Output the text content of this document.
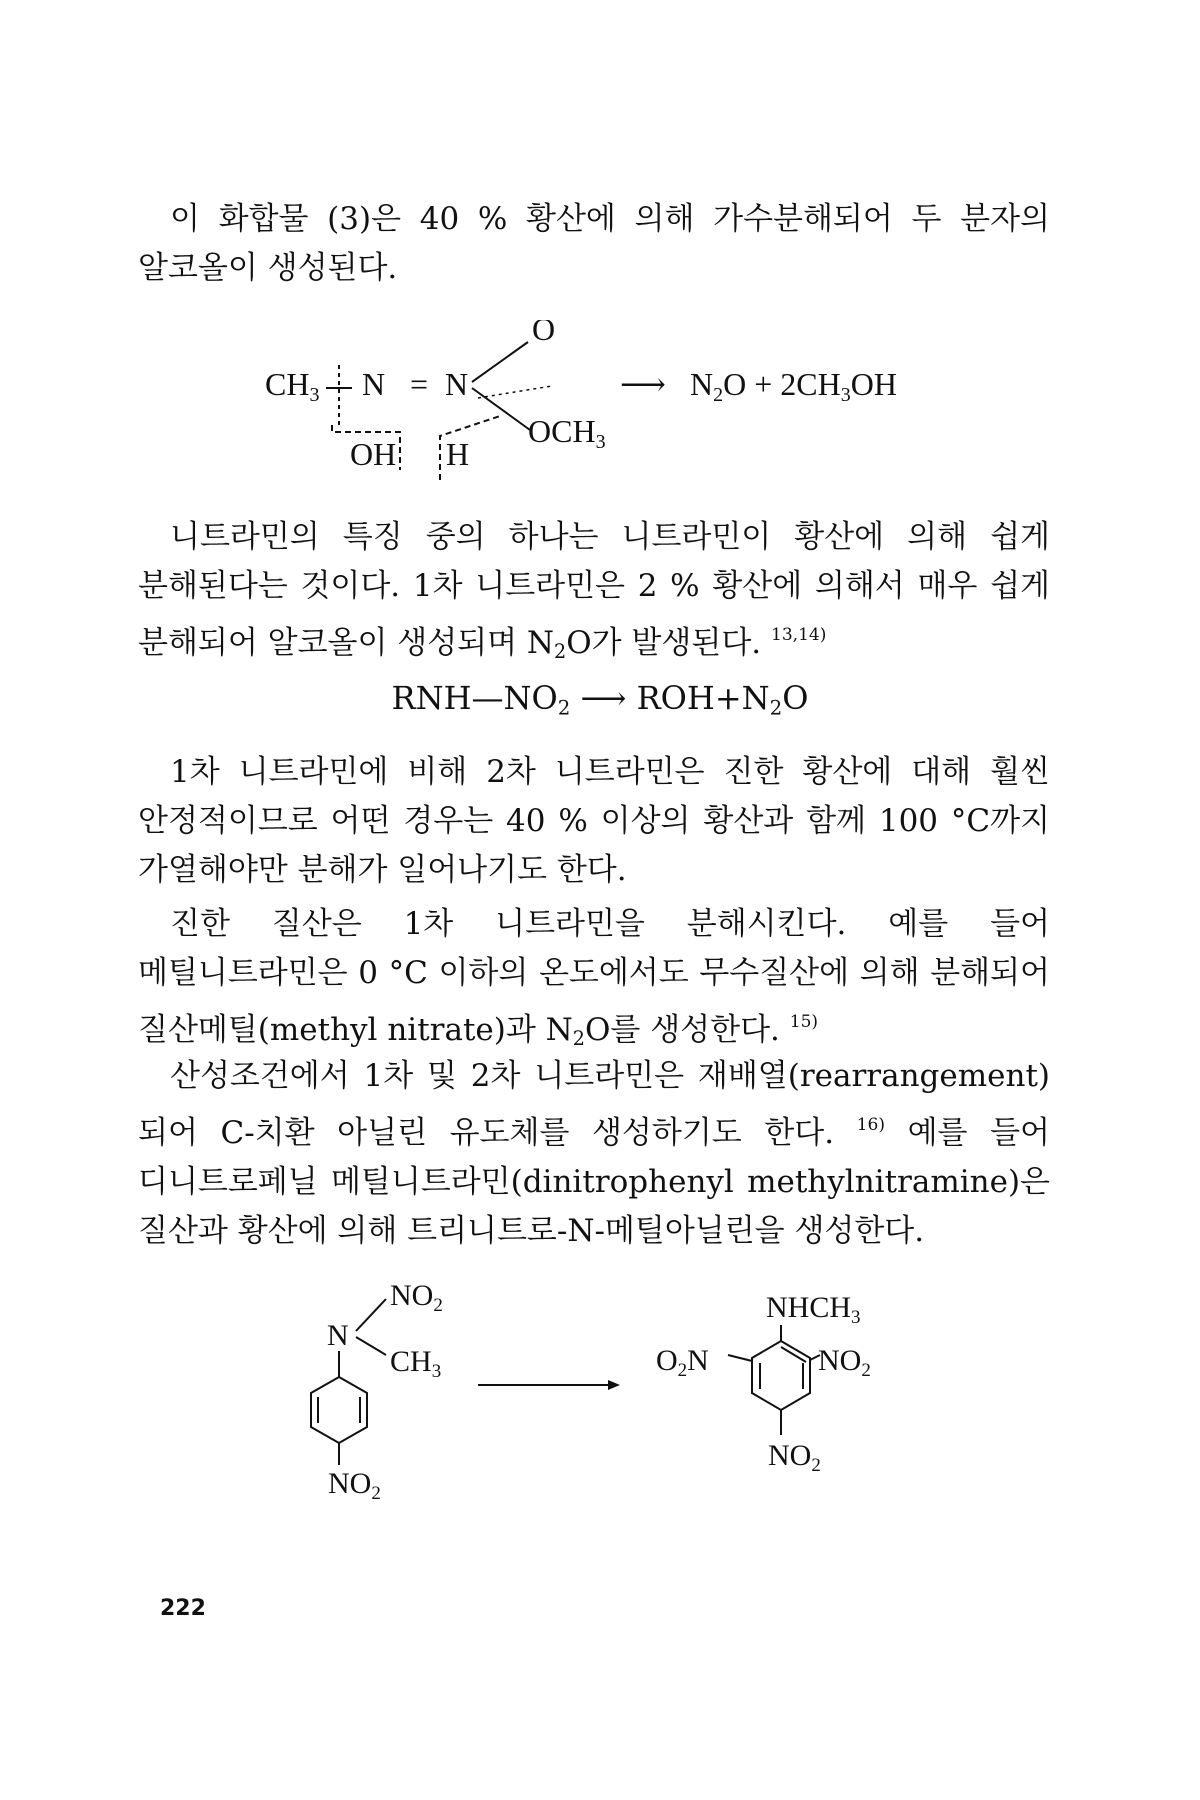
이 화합물 (3)은 40 % 황산에 의해 가수분해되어 두 분자의 알코올이 생성된다.

CH3 N = N
O
OCH3
OH H
⟶ N2O + 2CH3OH

니트라민의 특징 중의 하나는 니트라민이 황산에 의해 쉽게 분해된다는 것이다. 1차 니트라민은 2 % 황산에 의해서 매우 쉽게 분해되어 알코올이 생성되며 $N_2O$가 발생된다. $^{13,14)}$

$RNH—NO_2$ ⟶ $ROH+N_2O$

1차 니트라민에 비해 2차 니트라민은 진한 황산에 대해 훨씬 안정적이므로 어떤 경우는 40 % 이상의 황산과 함께 100 °C까지 가열해야만 분해가 일어나기도 한다.

진한 질산은 1차 니트라민을 분해시킨다. 예를 들어 메틸니트라민은 0 °C 이하의 온도에서도 무수질산에 의해 분해되어 질산메틸(methyl nitrate)과 $N_2O$를 생성한다. $^{15)}$

산성조건에서 1차 및 2차 니트라민은 재배열(rearrangement)되어 C-치환 아닐린 유도체를 생성하기도 한다. $^{16)}$ 예를 들어 디니트로페닐 메틸니트라민(dinitrophenyl methylnitramine)은 질산과 황산에 의해 트리니트로-N-메틸아닐린을 생성한다.

$NO_2$
N
$CH_3$
$NO_2$
$NHCH_3$
$O_2N$	$NO_2$
$NO_2$
222
